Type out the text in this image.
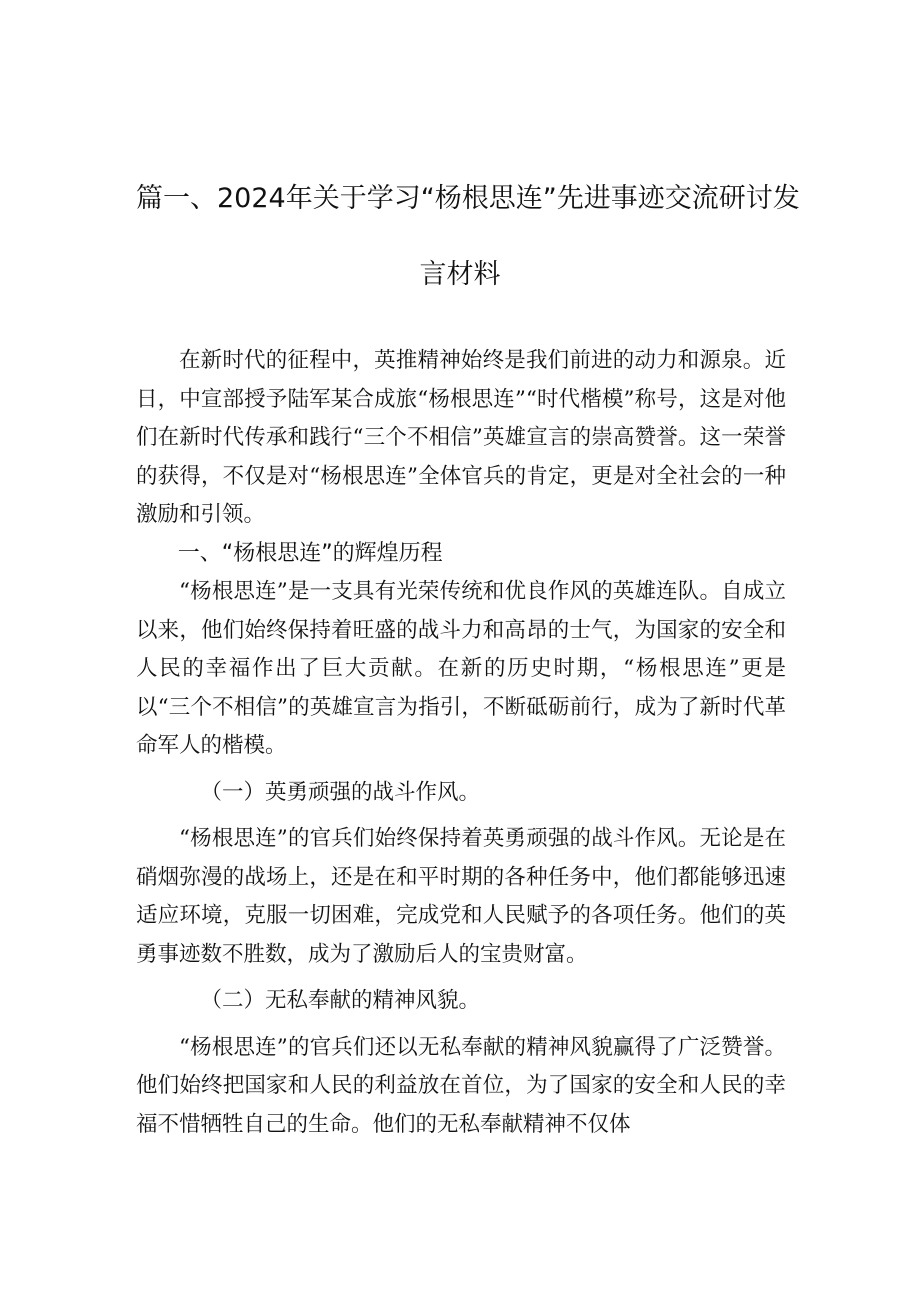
篇一、2024年关于学习“杨根思连”先进事迹交流研讨发
言材料

在新时代的征程中，英推精神始终是我们前进的动力和源泉。近日，中宣部授予陆军某合成旅“杨根思连”“时代楷模”称号，这是对他们在新时代传承和践行“三个不相信”英雄宣言的崇高赞誉。这一荣誉的获得，不仅是对“杨根思连”全体官兵的肯定，更是对全社会的一种激励和引领。

一、“杨根思连”的辉煌历程

“杨根思连”是一支具有光荣传统和优良作风的英雄连队。自成立以来，他们始终保持着旺盛的战斗力和高昂的士气，为国家的安全和人民的幸福作出了巨大贡献。在新的历史时期，“杨根思连”更是以“三个不相信”的英雄宣言为指引，不断砥砺前行，成为了新时代革命军人的楷模。

（一）英勇顽强的战斗作风。

“杨根思连”的官兵们始终保持着英勇顽强的战斗作风。无论是在硝烟弥漫的战场上，还是在和平时期的各种任务中，他们都能够迅速适应环境，克服一切困难，完成党和人民赋予的各项任务。他们的英勇事迹数不胜数，成为了激励后人的宝贵财富。

（二）无私奉献的精神风貌。

“杨根思连”的官兵们还以无私奉献的精神风貌赢得了广泛赞誉。他们始终把国家和人民的利益放在首位，为了国家的安全和人民的幸福不惜牺牲自己的生命。他们的无私奉献精神不仅体
